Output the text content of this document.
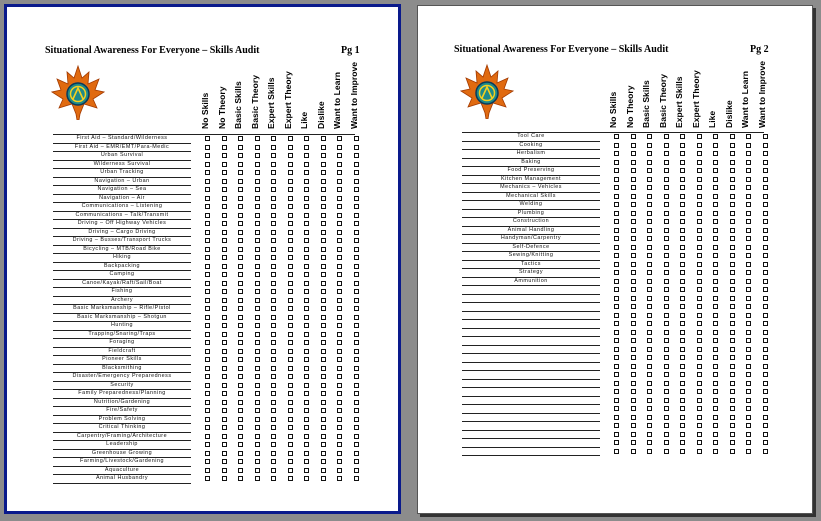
Situational Awareness For Everyone – Skills Audit	Pg 1
No Skills No Theory Basic Skills Basic Theory Expert Skills Expert Theory Like Dislike Want to Learn Want to Improve
First Aid – Standard/Wilderness
First Aid – EMR/EMT/Para-Medic
Urban Survival
Wilderness Survival
Urban Tracking
Navigation – Urban
Navigation – Sea
Navigation – Air
Communications – Listening
Communications – Talk/Transmit
Driving – Off Highway Vehicles
Driving – Cargo Driving
Driving – Busses/Transport Trucks
Bicycling – MTB/Road Bike
Hiking
Backpacking
Camping
Canoe/Kayak/Raft/Sail/Boat
Fishing
Archery
Basic Marksmanship – Rifle/Pistol
Basic Marksmanship – Shotgun
Hunting
Trapping/Snaring/Traps
Foraging
Fieldcraft
Pioneer Skills
Blacksmithing
Disaster/Emergency Preparedness
Security
Family Preparedness/Planning
Nutrition/Gardening
Fire/Safety
Problem Solving
Critical Thinking
Carpentry/Framing/Architecture
Leadership
Greenhouse Growing
Farming/Livestock/Gardening
Aquaculture
Animal Husbandry
Situational Awareness For Everyone – Skills Audit	Pg 2
No Skills No Theory Basic Skills Basic Theory Expert Skills Expert Theory Like Dislike Want to Learn Want to Improve
Tool Care
Cooking
Herbalism
Baking
Food Preserving
Kitchen Management
Mechanics – Vehicles
Mechanical Skills
Welding
Plumbing
Construction
Animal Handling
Handyman/Carpentry
Self-Defence
Sewing/Knitting
Tactics
Strategy
Ammunition
